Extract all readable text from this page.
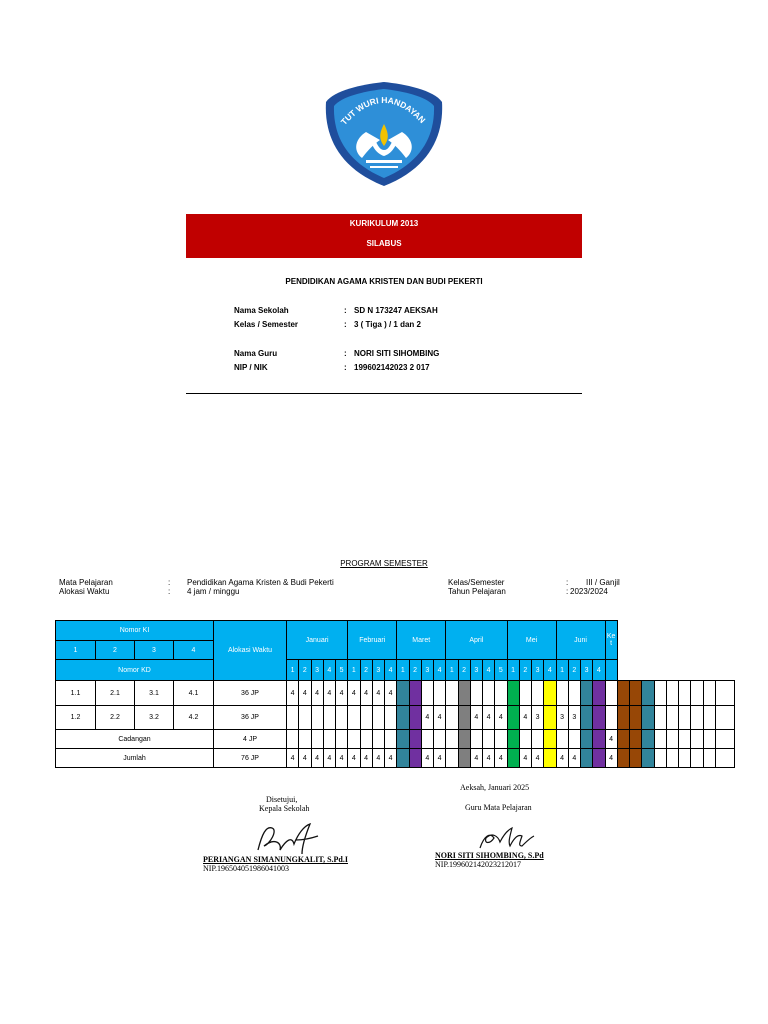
TUT WURI HANDAYAN
KURIKULUM 2013
SILABUS
PENDIDIKAN AGAMA KRISTEN DAN BUDI PEKERTI
Nama Sekolah	: SD N 173247 AEKSAH
Kelas / Semester	: 3 ( Tiga ) / 1 dan 2
Nama Guru	: NORI SITI SIHOMBING
NIP / NIK	: 199602142023 2 017
PROGRAM SEMESTER
Mata Pelajaran	: Pendidikan Agama Kristen & Budi Pekerti
Alokasi Waktu	: 4 jam / minggu
Kelas/Semester	: III / Ganjil
Tahun Pelajaran	: 2023/2024
Nomor KI				Alokasi Waktu	Januari					Februari				Maret				April					Mei				Juni				Ke t									
1	2	3	4																																					
Nomor KD					1	2	3	4	5	1	2	3	4	1	2	3	4	1	2	3	4	5	1	2	3	4	1	2	3	4										
1.1	2.1	3.1	4.1	36 JP	4	4	4	4	4	4	4	4	4																											
1.2	2.2	3.2	4.2	36 JP												4	4			4	4	4		4	3		3	3												
Cadangan				4 JP																											4									
Jumlah				76 JP	4	4	4	4	4	4	4	4	4			4	4			4	4	4		4	4		4	4			4									
Disetujui,
Kepala Sekolah
PERIANGAN SIMANUNGKALIT, S.Pd.I
NIP.196504051986041003
Aeksah, Januari 2025
Guru Mata Pelajaran
NORI SITI SIHOMBING, S.Pd
NIP.199602142023212017
